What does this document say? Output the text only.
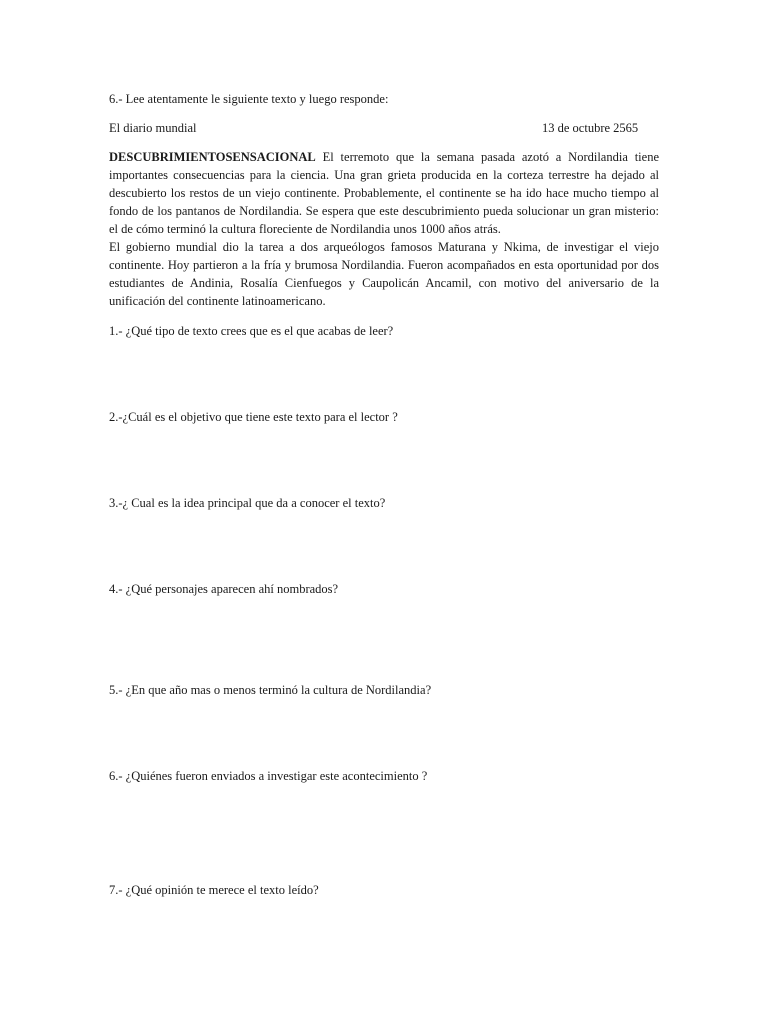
6.- Lee atentamente le siguiente texto y luego responde:
El diario mundial	13 de octubre 2565

DESCUBRIMIENTOSENSACIONAL El terremoto que la semana pasada azotó a Nordilandia tiene importantes consecuencias para la ciencia. Una gran grieta producida en la corteza terrestre ha dejado al descubierto los restos de un viejo continente. Probablemente, el continente se ha ido hace mucho tiempo al fondo de los pantanos de Nordilandia. Se espera que este descubrimiento pueda solucionar un gran misterio: el de cómo terminó la cultura floreciente de Nordilandia unos 1000 años atrás.

El gobierno mundial dio la tarea a dos arqueólogos famosos Maturana y Nkima, de investigar el viejo continente. Hoy partieron a la fría y brumosa Nordilandia. Fueron acompañados en esta oportunidad por dos estudiantes de Andinia, Rosalía Cienfuegos y Caupolicán Ancamil, con motivo del aniversario de la unificación del continente latinoamericano.

1.- ¿Qué tipo de texto crees que es el que acabas de leer?
2.-¿Cuál es el objetivo que tiene este texto para el lector ?
3.-¿ Cual es la idea principal que da a conocer el texto?
4.- ¿Qué personajes aparecen ahí nombrados?
5.- ¿En que año mas o menos terminó la cultura de Nordilandia?
6.- ¿Quiénes fueron enviados a investigar este acontecimiento ?
7.- ¿Qué opinión te merece el texto leído?
